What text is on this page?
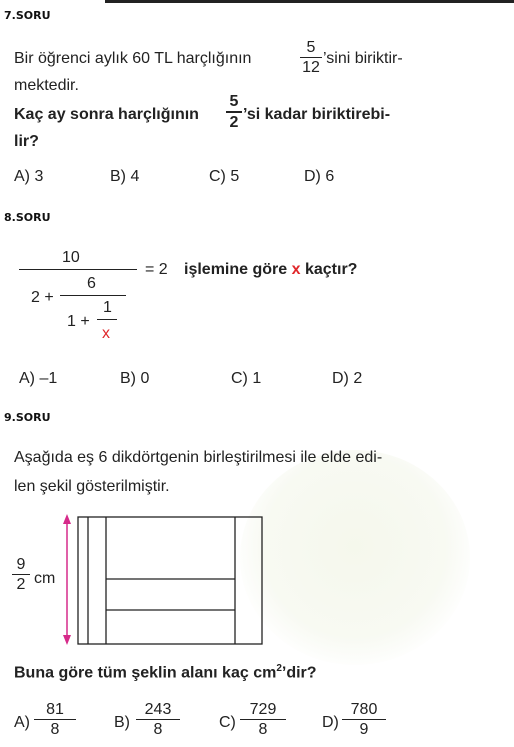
7.SORU
Bir öğrenci aylık 60 TL harçlığının
5
12
’sini biriktir-
mektedir.
Kaç ay sonra harçlığının
5
2 ’si kadar biriktirebi-
lir?
A) 3	B) 4	C) 5	D) 6
8.SORU
10
2 +
6
1 +
1
x
= 2 işlemine göre x kaçtır?
A) –1	B) 0	C) 1	D) 2
9.SORU
Aşağıda eş 6 dikdörtgenin birleştirilmesi ile elde edi-
len şekil gösterilmiştir.
9
2 cm
Buna göre tüm şeklin alanı kaç $cm^2’dir$?
A)
81
8	B)
243
8	C)
729
8	D)
780
9
